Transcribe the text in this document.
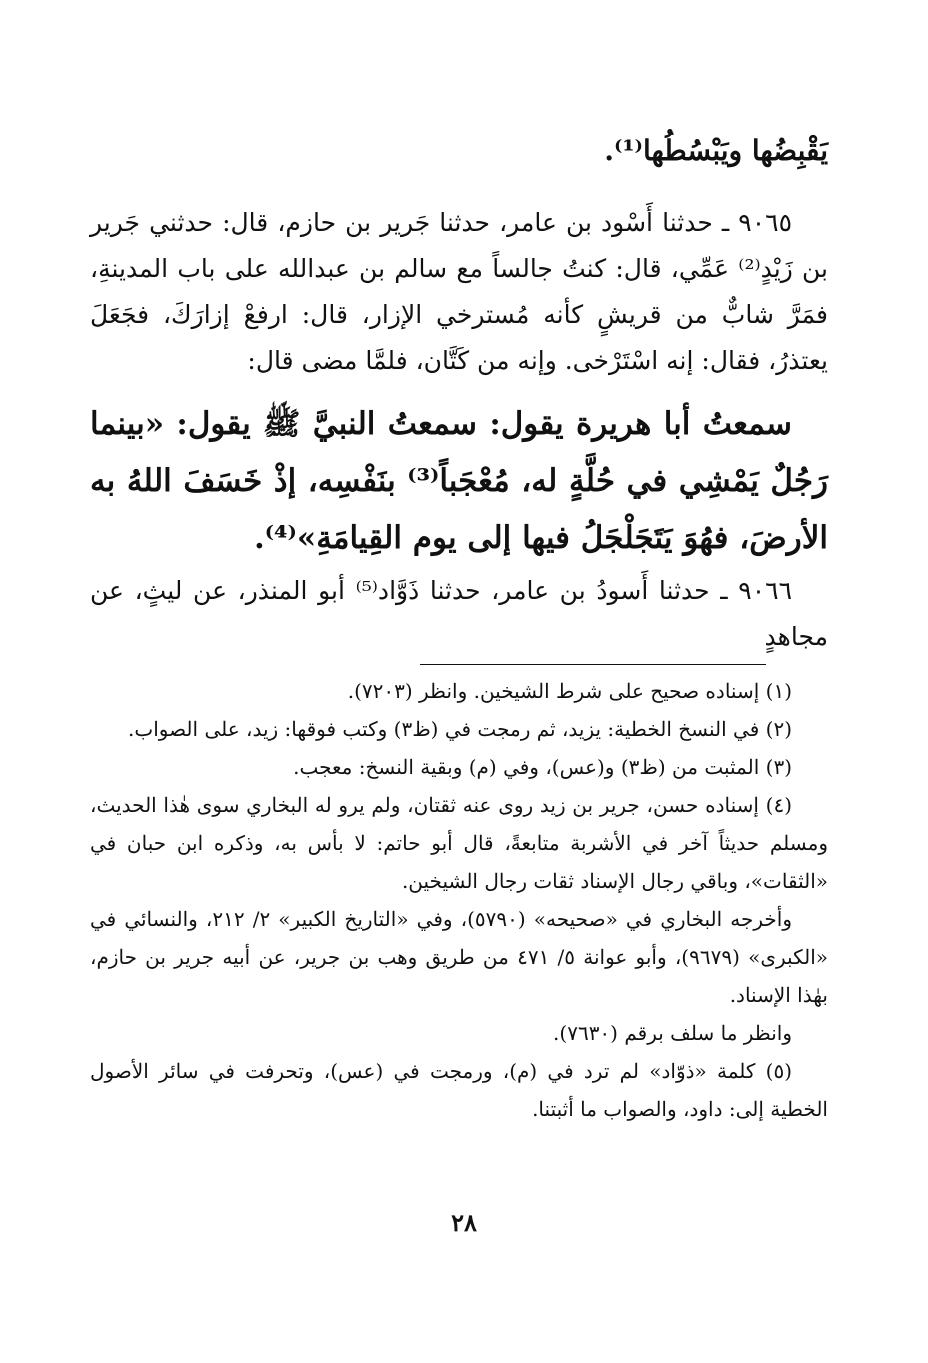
يَقْبِضُها ويَبْسُطُها⁽¹⁾.

٩٠٦٥ ـ حدثنا أَسْود بن عامر، حدثنا جَرير بن حازم، قال: حدثني جَرير بن زَيْدٍ⁽²⁾ عَمِّي، قال: كنتُ جالساً مع سالم بن عبدالله على باب المدينةِ، فمَرَّ شابٌّ من قريشٍ كأنه مُسترخي الإزار، قال: ارفعْ إزارَكَ، فجَعَلَ يعتذرُ، فقال: إنه اسْتَرْخى. وإنه من كَتَّان، فلمَّا مضى قال:

سمعتُ أبا هريرة يقول: سمعتُ النبيَّ ﷺ يقول: «بينما رَجُلٌ يَمْشِي في حُلَّةٍ له، مُعْجَباً⁽³⁾ بنَفْسِه، إذْ خَسَفَ اللهُ به الأرضَ، فهُوَ يَتَجَلْجَلُ فيها إلى يوم القِيامَةِ»⁽⁴⁾.

٩٠٦٦ ـ حدثنا أَسودُ بن عامر، حدثنا ذَوَّاد⁽⁵⁾ أبو المنذر، عن ليثٍ، عن مجاهدٍ

(١) إسناده صحيح على شرط الشيخين. وانظر (٧٢٠٣).

(٢) في النسخ الخطية: يزيد، ثم رمجت في (ظ٣) وكتب فوقها: زيد، على الصواب.

(٣) المثبت من (ظ٣) و(عس)، وفي (م) وبقية النسخ: معجب.

(٤) إسناده حسن، جرير بن زيد روى عنه ثقتان، ولم يرو له البخاري سوى هٰذا الحديث، ومسلم حديثاً آخر في الأشربة متابعةً، قال أبو حاتم: لا بأس به، وذكره ابن حبان في «الثقات»، وباقي رجال الإسناد ثقات رجال الشيخين.

وأخرجه البخاري في «صحيحه» (٥٧٩٠)، وفي «التاريخ الكبير» ٢/ ٢١٢، والنسائي في «الكبرى» (٩٦٧٩)، وأبو عوانة ٥/ ٤٧١ من طريق وهب بن جرير، عن أبيه جرير بن حازم، بهٰذا الإسناد.

وانظر ما سلف برقم (٧٦٣٠).

(٥) كلمة «ذوّاد» لم ترد في (م)، ورمجت في (عس)، وتحرفت في سائر الأصول الخطية إلى: داود، والصواب ما أثبتنا.

٢٨
